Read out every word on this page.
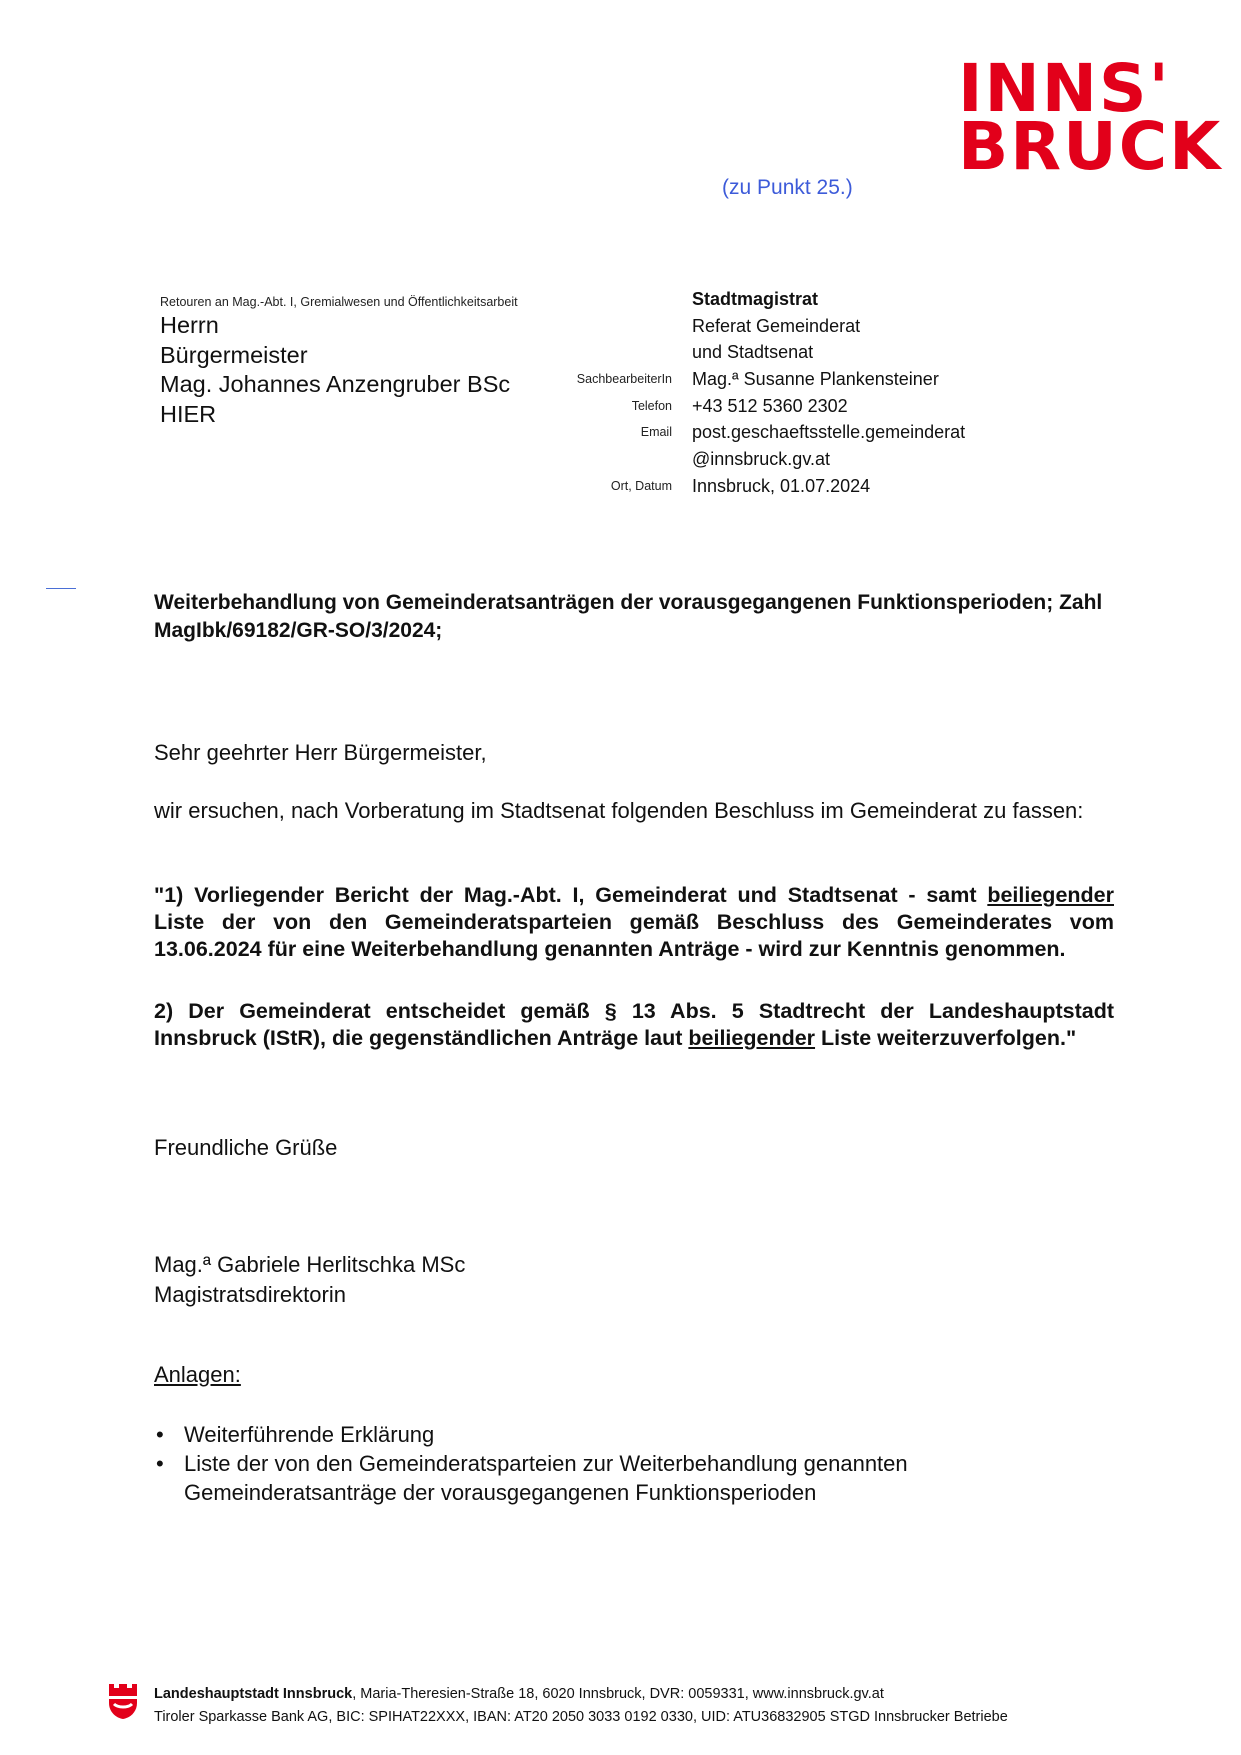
INNS'
BRUCK
(zu Punkt 25.)
Retouren an Mag.-Abt. I, Gremialwesen und Öffentlichkeitsarbeit
Herrn
Bürgermeister
Mag. Johannes Anzengruber BSc
HIER
SachbearbeiterIn
Telefon
Email
Ort, Datum
Stadtmagistrat
Referat Gemeinderat
und Stadtsenat
Mag.ª Susanne Plankensteiner
+43 512 5360 2302
post.geschaeftsstelle.gemeinderat
@innsbruck.gv.at
Innsbruck, 01.07.2024
Weiterbehandlung von Gemeinderatsanträgen der vorausgegangenen Funktionsperioden; Zahl MagIbk/69182/GR-SO/3/2024;
Sehr geehrter Herr Bürgermeister,
wir ersuchen, nach Vorberatung im Stadtsenat folgenden Beschluss im Gemeinderat zu fassen:
"1) Vorliegender Bericht der Mag.-Abt. I, Gemeinderat und Stadtsenat - samt beiliegender Liste der von den Gemeinderatsparteien gemäß Beschluss des Gemeinderates vom 13.06.2024 für eine Weiterbehandlung genannten Anträge - wird zur Kenntnis genommen.
2) Der Gemeinderat entscheidet gemäß § 13 Abs. 5 Stadtrecht der Landeshauptstadt Innsbruck (IStR), die gegenständlichen Anträge laut beiliegender Liste weiterzuverfolgen."
Freundliche Grüße
Mag.ª Gabriele Herlitschka MSc
Magistratsdirektorin
Anlagen:
• Weiterführende Erklärung
• Liste der von den Gemeinderatsparteien zur Weiterbehandlung genannten Gemeinderatsanträge der vorausgegangenen Funktionsperioden
Landeshauptstadt Innsbruck, Maria-Theresien-Straße 18, 6020 Innsbruck, DVR: 0059331, www.innsbruck.gv.at
Tiroler Sparkasse Bank AG, BIC: SPIHAT22XXX, IBAN: AT20 2050 3033 0192 0330, UID: ATU36832905 STGD Innsbrucker Betriebe
